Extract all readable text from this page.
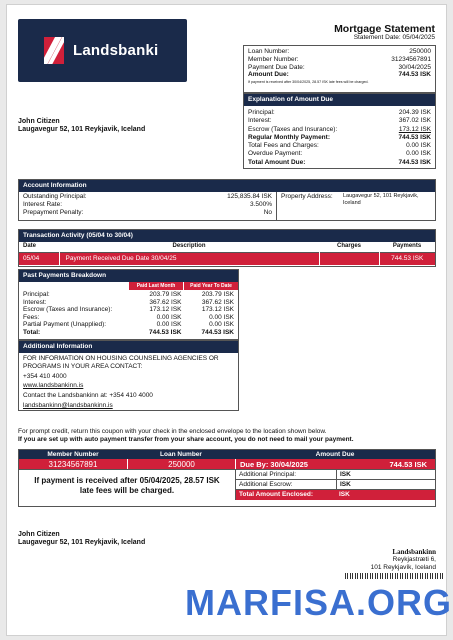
Landsbanki
Mortgage Statement
Statement Date: 05/04/2025
Loan Number:	250000
Member Number:	31234567891
Payment Due Date:	30/04/2025
Amount Due:	744.53 ISK
If payment is received after 30/04/2025, 28.57 ISK late fees will be charged.
Explanation of Amount Due
Principal:	204.39 ISK
Interest:	367.02 ISK
Escrow (Taxes and Insurance):	173.12 ISK
Regular Monthly Payment:	744.53 ISK
Total Fees and Charges:	0.00 ISK
Overdue Payment:	0.00 ISK
Total Amount Due:	744.53 ISK
John Citizen
Laugavegur 52, 101 Reykjavik, Iceland
Account Information
Outstanding Principal:	125,835.84 ISK
Interest Rate:	3.500%
Prepayment Penalty:	No
Property Address:	Laugavegur 52, 101 Reykjavik, Iceland
Transaction Activity (05/04 to 30/04)
Date	Description	Charges	Payments
05/04	Payment Received Due Date 30/04/25		744.53 ISK
Past Payments Breakdown
Paid Last Month	Paid Year To Date
Principal:	203.79 ISK	203.79 ISK
Interest:	367.62 ISK	367.62 ISK
Escrow (Taxes and Insurance):	173.12 ISK	173.12 ISK
Fees:	0.00 ISK	0.00 ISK
Partial Payment (Unapplied):	0.00 ISK	0.00 ISK
Total:	744.53 ISK	744.53 ISK
Additional Information
FOR INFORMATION ON HOUSING COUNSELING AGENCIES OR PROGRAMS IN YOUR AREA CONTACT:
+354 410 4000
www.landsbankinn.is
Contact the Landsbankinn at: +354 410 4000
landsbankinn@landsbankinn.is
For prompt credit, return this coupon with your check in the enclosed envelope to the location shown below.
If you are set up with auto payment transfer from your share account, you do not need to mail your payment.
Member Number	Loan Number	Amount Due
31234567891	250000	Due By: 30/04/2025	744.53 ISK
If payment is received after 05/04/2025, 28.57 ISK late fees will be charged.
Additional Principal:	ISK
Additional Escrow:	ISK
Total Amount Enclosed:	ISK
John Citizen
Laugavegur 52, 101 Reykjavik, Iceland
Landsbankinn
Reykjastræti 6,
101 Reykjavík, Iceland
MARFISA.ORG
